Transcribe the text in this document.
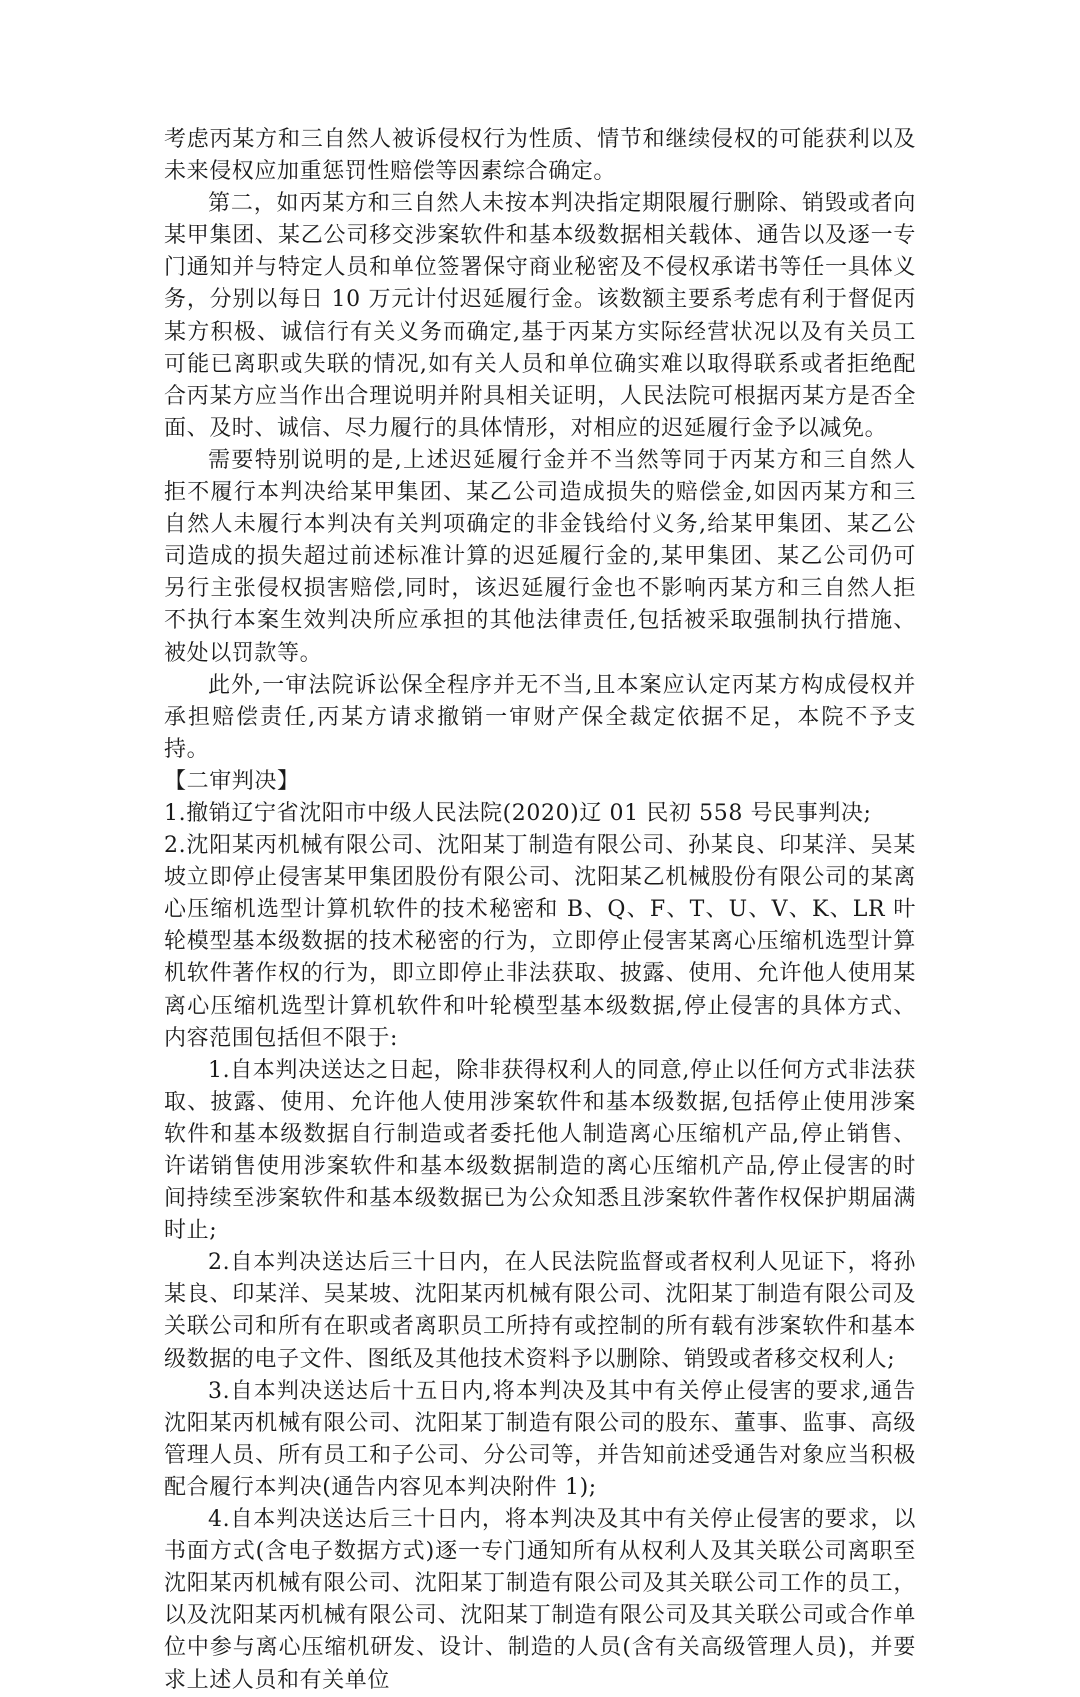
考虑丙某方和三自然人被诉侵权行为性质、情节和继续侵权的可能获利以及未来侵权应加重惩罚性赔偿等因素综合确定。

第二，如丙某方和三自然人未按本判决指定期限履行删除、销毁或者向某甲集团、某乙公司移交涉案软件和基本级数据相关载体、通告以及逐一专门通知并与特定人员和单位签署保守商业秘密及不侵权承诺书等任一具体义务，分别以每日 10 万元计付迟延履行金。该数额主要系考虑有利于督促丙某方积极、诚信行有关义务而确定,基于丙某方实际经营状况以及有关员工可能已离职或失联的情况,如有关人员和单位确实难以取得联系或者拒绝配合丙某方应当作出合理说明并附具相关证明，人民法院可根据丙某方是否全面、及时、诚信、尽力履行的具体情形，对相应的迟延履行金予以减免。

需要特别说明的是,上述迟延履行金并不当然等同于丙某方和三自然人拒不履行本判决给某甲集团、某乙公司造成损失的赔偿金,如因丙某方和三自然人未履行本判决有关判项确定的非金钱给付义务,给某甲集团、某乙公司造成的损失超过前述标准计算的迟延履行金的,某甲集团、某乙公司仍可另行主张侵权损害赔偿,同时，该迟延履行金也不影响丙某方和三自然人拒不执行本案生效判决所应承担的其他法律责任,包括被采取强制执行措施、被处以罚款等。

此外,一审法院诉讼保全程序并无不当,且本案应认定丙某方构成侵权并承担赔偿责任,丙某方请求撤销一审财产保全裁定依据不足，本院不予支持。

【二审判决】

1.撤销辽宁省沈阳市中级人民法院(2020)辽 01 民初 558 号民事判决;

2.沈阳某丙机械有限公司、沈阳某丁制造有限公司、孙某良、印某洋、吴某坡立即停止侵害某甲集团股份有限公司、沈阳某乙机械股份有限公司的某离心压缩机选型计算机软件的技术秘密和 B、Q、F、T、U、V、K、LR 叶轮模型基本级数据的技术秘密的行为，立即停止侵害某离心压缩机选型计算机软件著作权的行为，即立即停止非法获取、披露、使用、允许他人使用某离心压缩机选型计算机软件和叶轮模型基本级数据,停止侵害的具体方式、内容范围包括但不限于:

1.自本判决送达之日起，除非获得权利人的同意,停止以任何方式非法获取、披露、使用、允许他人使用涉案软件和基本级数据,包括停止使用涉案软件和基本级数据自行制造或者委托他人制造离心压缩机产品,停止销售、许诺销售使用涉案软件和基本级数据制造的离心压缩机产品,停止侵害的时间持续至涉案软件和基本级数据已为公众知悉且涉案软件著作权保护期届满时止;

2.自本判决送达后三十日内，在人民法院监督或者权利人见证下，将孙某良、印某洋、吴某坡、沈阳某丙机械有限公司、沈阳某丁制造有限公司及关联公司和所有在职或者离职员工所持有或控制的所有载有涉案软件和基本级数据的电子文件、图纸及其他技术资料予以删除、销毁或者移交权利人;

3.自本判决送达后十五日内,将本判决及其中有关停止侵害的要求,通告沈阳某丙机械有限公司、沈阳某丁制造有限公司的股东、董事、监事、高级管理人员、所有员工和子公司、分公司等，并告知前述受通告对象应当积极配合履行本判决(通告内容见本判决附件 1);

4.自本判决送达后三十日内，将本判决及其中有关停止侵害的要求，以书面方式(含电子数据方式)逐一专门通知所有从权利人及其关联公司离职至沈阳某丙机械有限公司、沈阳某丁制造有限公司及其关联公司工作的员工，以及沈阳某丙机械有限公司、沈阳某丁制造有限公司及其关联公司或合作单位中参与离心压缩机研发、设计、制造的人员(含有关高级管理人员)，并要求上述人员和有关单位
